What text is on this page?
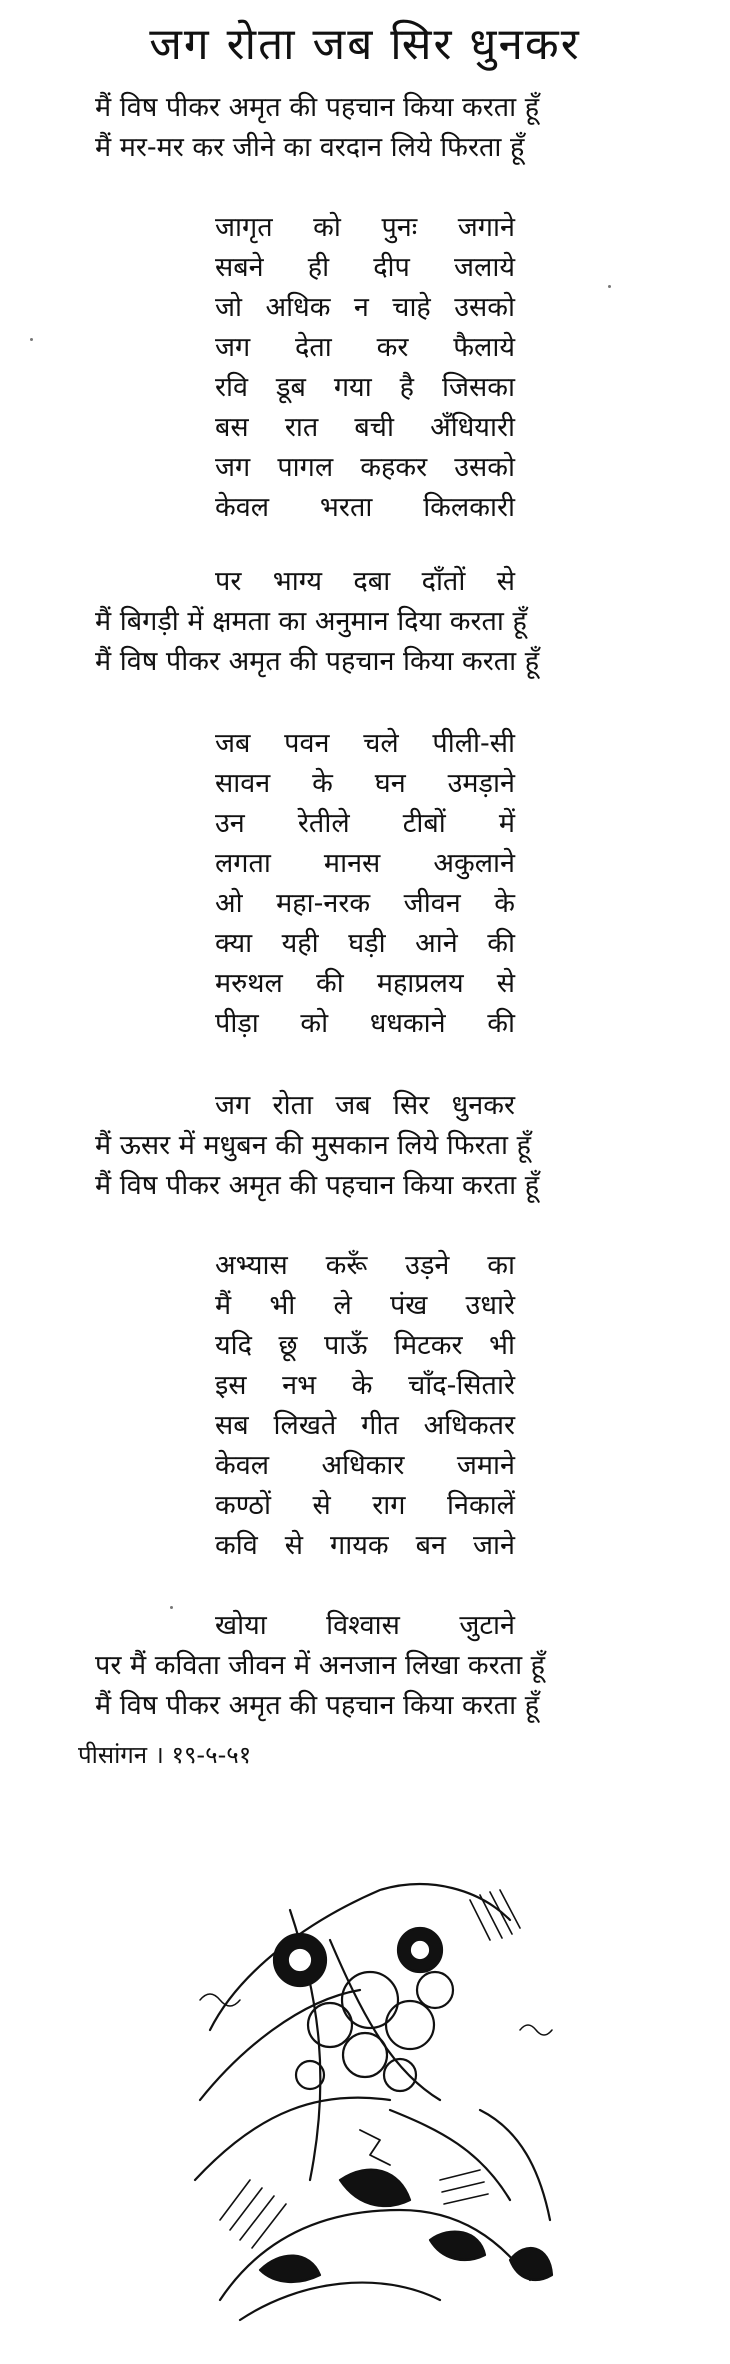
जग रोता जब सिर धुनकर
मैं विष पीकर अमृत की पहचान किया करता हूँ
मैं मर-मर कर जीने का वरदान लिये फिरता हूँ
जागृत को पुनः जगाने
सबने ही दीप जलाये
जो अधिक न चाहे उसको
जग देता कर फैलाये
रवि डूब गया है जिसका
बस रात बची अँधियारी
जग पागल कहकर उसको
केवल भरता किलकारी
पर भाग्य दबा दाँतों से
मैं बिगड़ी में क्षमता का अनुमान दिया करता हूँ
मैं विष पीकर अमृत की पहचान किया करता हूँ
जब पवन चले पीली-सी
सावन के घन उमड़ाने
उन रेतीले टीबों में
लगता मानस अकुलाने
ओ महा-नरक जीवन के
क्या यही घड़ी आने की
मरुथल की महाप्रलय से
पीड़ा को धधकाने की
जग रोता जब सिर धुनकर
मैं ऊसर में मधुबन की मुसकान लिये फिरता हूँ
मैं विष पीकर अमृत की पहचान किया करता हूँ
अभ्यास करूँ उड़ने का
मैं भी ले पंख उधारे
यदि छू पाऊँ मिटकर भी
इस नभ के चाँद-सितारे
सब लिखते गीत अधिकतर
केवल अधिकार जमाने
कण्ठों से राग निकालें
कवि से गायक बन जाने
खोया विश्वास जुटाने
पर मैं कविता जीवन में अनजान लिखा करता हूँ
मैं विष पीकर अमृत की पहचान किया करता हूँ
पीसांगन । १९-५-५१
